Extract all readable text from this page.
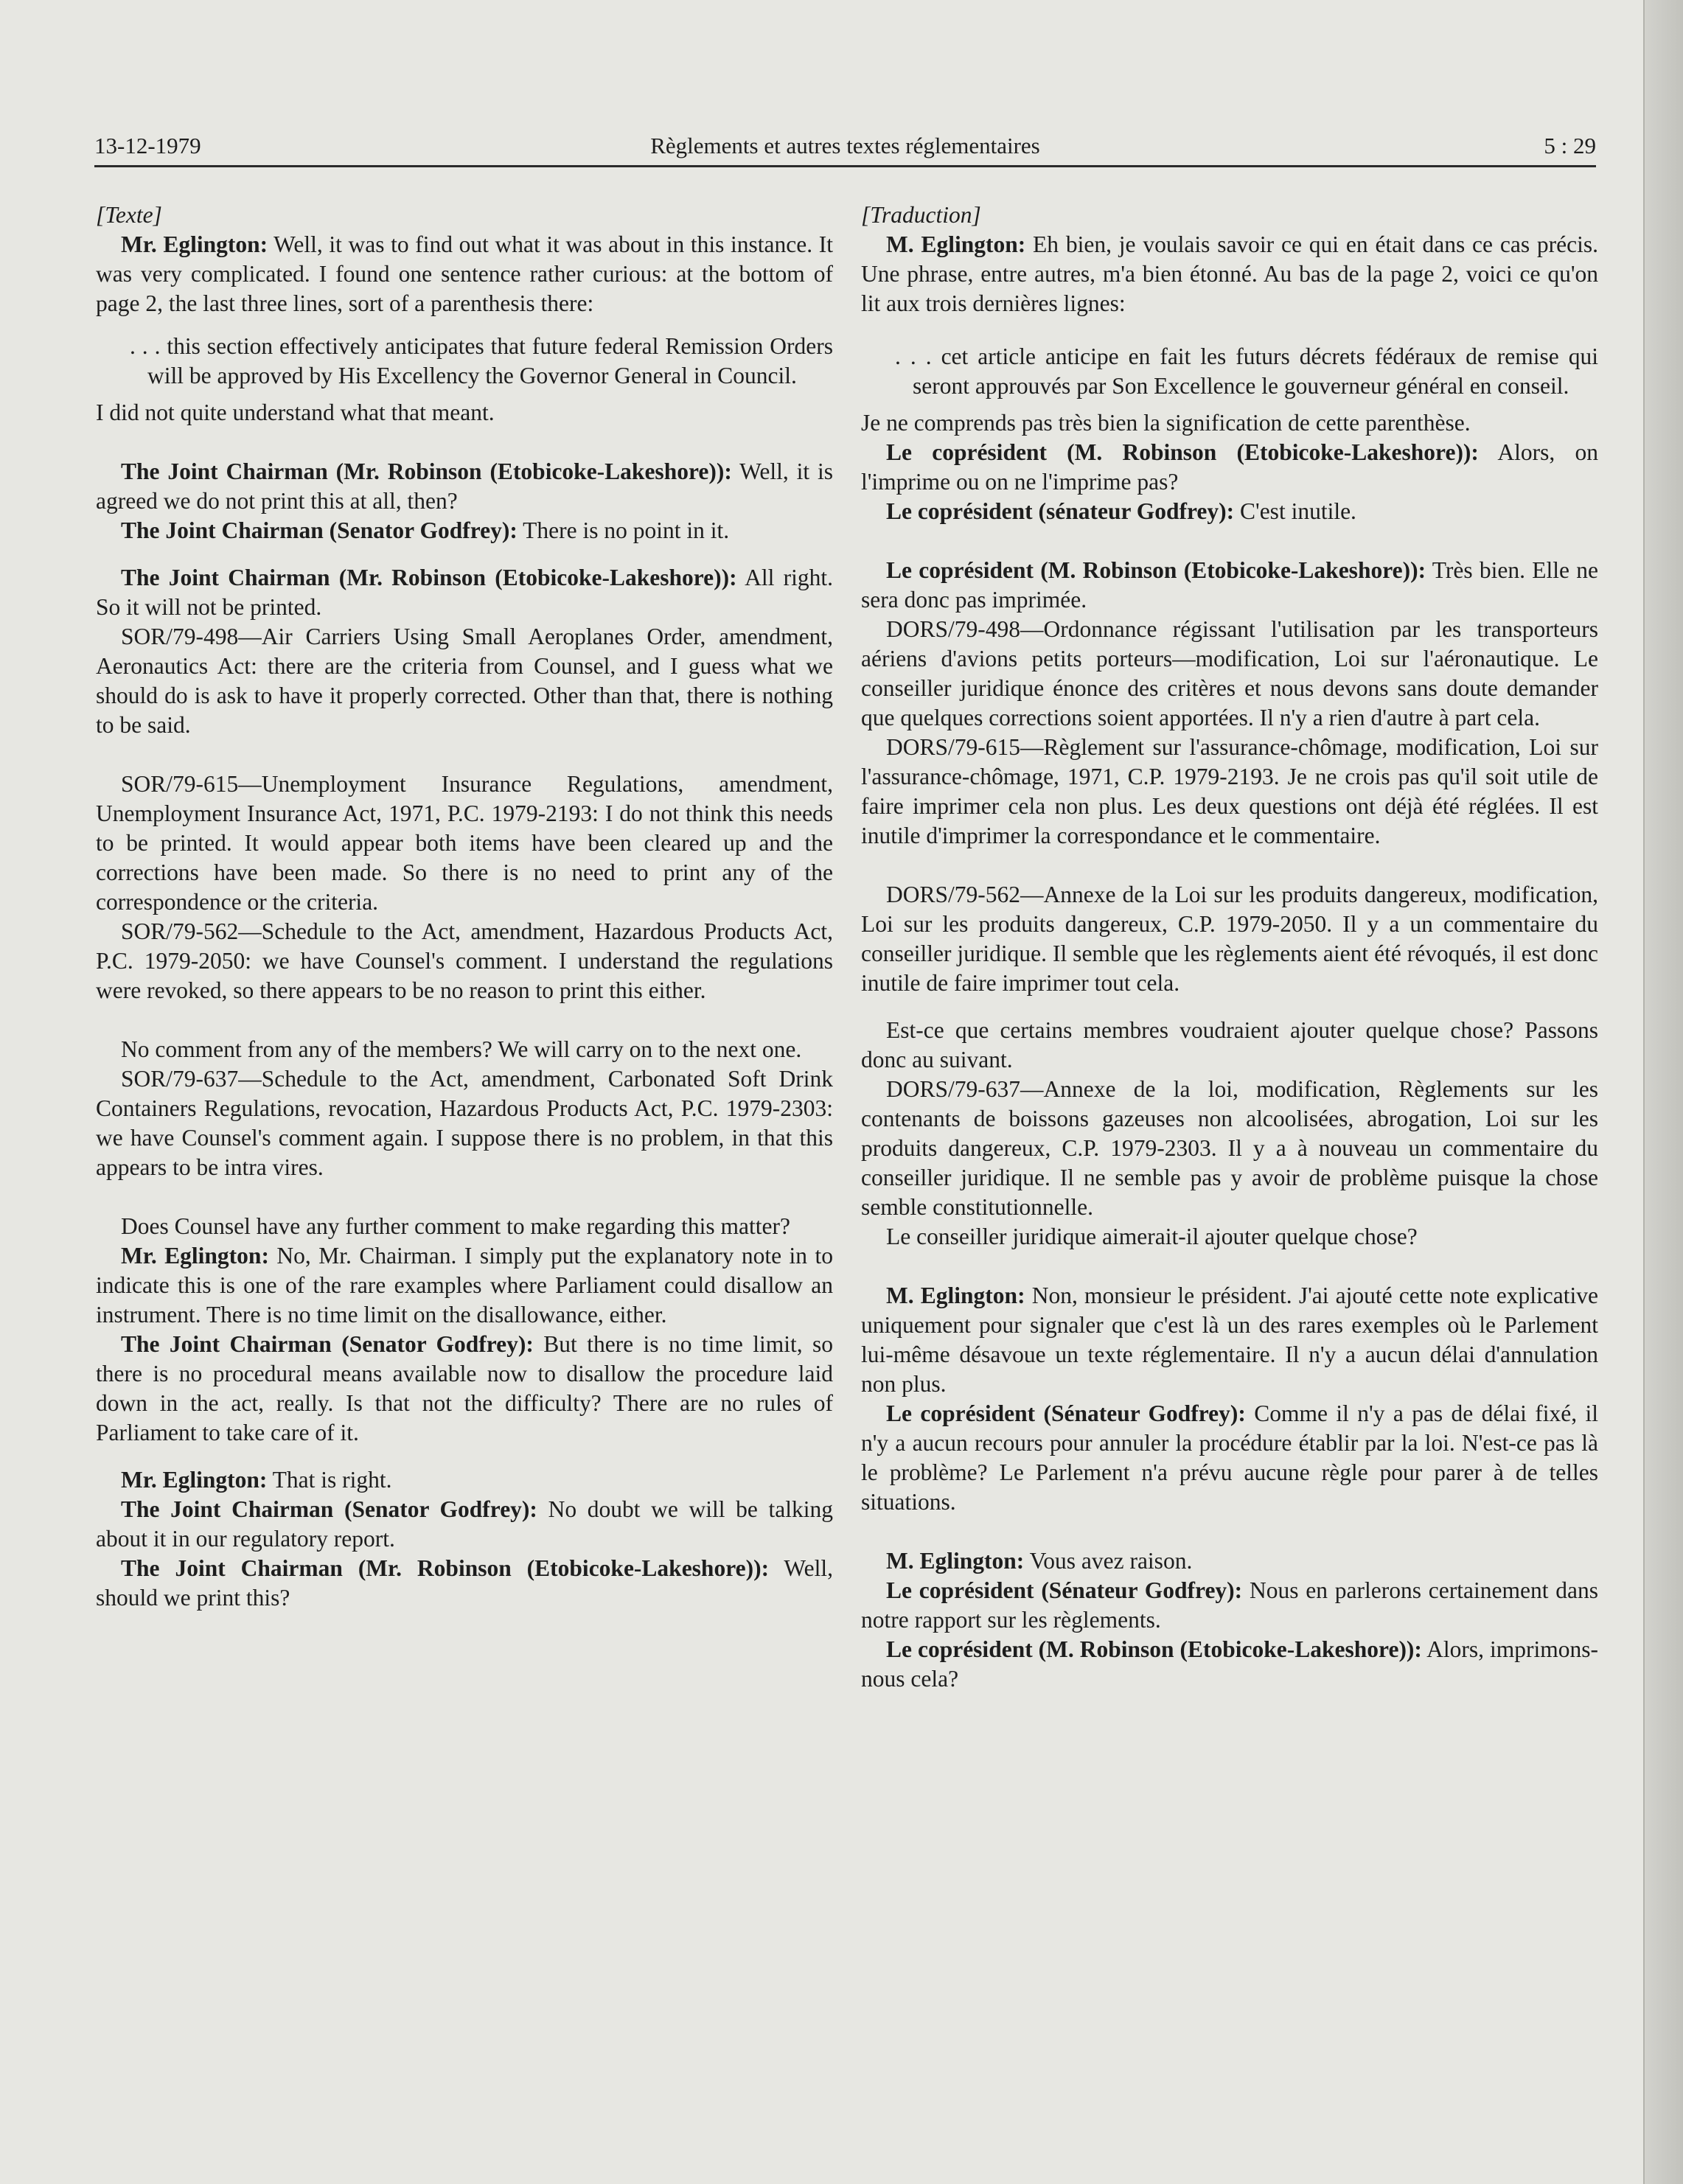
13-12-1979	Règlements et autres textes réglementaires	5 : 29

[Texte]

Mr. Eglington: Well, it was to find out what it was about in this instance. It was very complicated. I found one sentence rather curious: at the bottom of page 2, the last three lines, sort of a parenthesis there:

. . . this section effectively anticipates that future federal Remission Orders will be approved by His Excellency the Governor General in Council.

I did not quite understand what that meant.

The Joint Chairman (Mr. Robinson (Etobicoke-Lakeshore)): Well, it is agreed we do not print this at all, then?

The Joint Chairman (Senator Godfrey): There is no point in it.

The Joint Chairman (Mr. Robinson (Etobicoke-Lakeshore)): All right. So it will not be printed.

SOR/79-498—Air Carriers Using Small Aeroplanes Order, amendment, Aeronautics Act: there are the criteria from Counsel, and I guess what we should do is ask to have it properly corrected. Other than that, there is nothing to be said.

SOR/79-615—Unemployment Insurance Regulations, amendment, Unemployment Insurance Act, 1971, P.C. 1979-2193: I do not think this needs to be printed. It would appear both items have been cleared up and the corrections have been made. So there is no need to print any of the correspondence or the criteria.

SOR/79-562—Schedule to the Act, amendment, Hazardous Products Act, P.C. 1979-2050: we have Counsel's comment. I understand the regulations were revoked, so there appears to be no reason to print this either.

No comment from any of the members? We will carry on to the next one.

SOR/79-637—Schedule to the Act, amendment, Carbonated Soft Drink Containers Regulations, revocation, Hazardous Products Act, P.C. 1979-2303: we have Counsel's comment again. I suppose there is no problem, in that this appears to be intra vires.

Does Counsel have any further comment to make regarding this matter?

Mr. Eglington: No, Mr. Chairman. I simply put the explanatory note in to indicate this is one of the rare examples where Parliament could disallow an instrument. There is no time limit on the disallowance, either.

The Joint Chairman (Senator Godfrey): But there is no time limit, so there is no procedural means available now to disallow the procedure laid down in the act, really. Is that not the difficulty? There are no rules of Parliament to take care of it.

Mr. Eglington: That is right.

The Joint Chairman (Senator Godfrey): No doubt we will be talking about it in our regulatory report.

The Joint Chairman (Mr. Robinson (Etobicoke-Lakeshore)): Well, should we print this?

[Traduction]

M. Eglington: Eh bien, je voulais savoir ce qui en était dans ce cas précis. Une phrase, entre autres, m'a bien étonné. Au bas de la page 2, voici ce qu'on lit aux trois dernières lignes:

. . . cet article anticipe en fait les futurs décrets fédéraux de remise qui seront approuvés par Son Excellence le gouverneur général en conseil.

Je ne comprends pas très bien la signification de cette parenthèse.

Le coprésident (M. Robinson (Etobicoke-Lakeshore)): Alors, on l'imprime ou on ne l'imprime pas?

Le coprésident (sénateur Godfrey): C'est inutile.

Le coprésident (M. Robinson (Etobicoke-Lakeshore)): Très bien. Elle ne sera donc pas imprimée.

DORS/79-498—Ordonnance régissant l'utilisation par les transporteurs aériens d'avions petits porteurs—modification, Loi sur l'aéronautique. Le conseiller juridique énonce des critères et nous devons sans doute demander que quelques corrections soient apportées. Il n'y a rien d'autre à part cela.

DORS/79-615—Règlement sur l'assurance-chômage, modification, Loi sur l'assurance-chômage, 1971, C.P. 1979-2193. Je ne crois pas qu'il soit utile de faire imprimer cela non plus. Les deux questions ont déjà été réglées. Il est inutile d'imprimer la correspondance et le commentaire.

DORS/79-562—Annexe de la Loi sur les produits dangereux, modification, Loi sur les produits dangereux, C.P. 1979-2050. Il y a un commentaire du conseiller juridique. Il semble que les règlements aient été révoqués, il est donc inutile de faire imprimer tout cela.

Est-ce que certains membres voudraient ajouter quelque chose? Passons donc au suivant.

DORS/79-637—Annexe de la loi, modification, Règlements sur les contenants de boissons gazeuses non alcoolisées, abrogation, Loi sur les produits dangereux, C.P. 1979-2303. Il y a à nouveau un commentaire du conseiller juridique. Il ne semble pas y avoir de problème puisque la chose semble constitutionnelle.

Le conseiller juridique aimerait-il ajouter quelque chose?

M. Eglington: Non, monsieur le président. J'ai ajouté cette note explicative uniquement pour signaler que c'est là un des rares exemples où le Parlement lui-même désavoue un texte réglementaire. Il n'y a aucun délai d'annulation non plus.

Le coprésident (Sénateur Godfrey): Comme il n'y a pas de délai fixé, il n'y a aucun recours pour annuler la procédure établir par la loi. N'est-ce pas là le problème? Le Parlement n'a prévu aucune règle pour parer à de telles situations.

M. Eglington: Vous avez raison.

Le coprésident (Sénateur Godfrey): Nous en parlerons certainement dans notre rapport sur les règlements.

Le coprésident (M. Robinson (Etobicoke-Lakeshore)): Alors, imprimons-nous cela?
